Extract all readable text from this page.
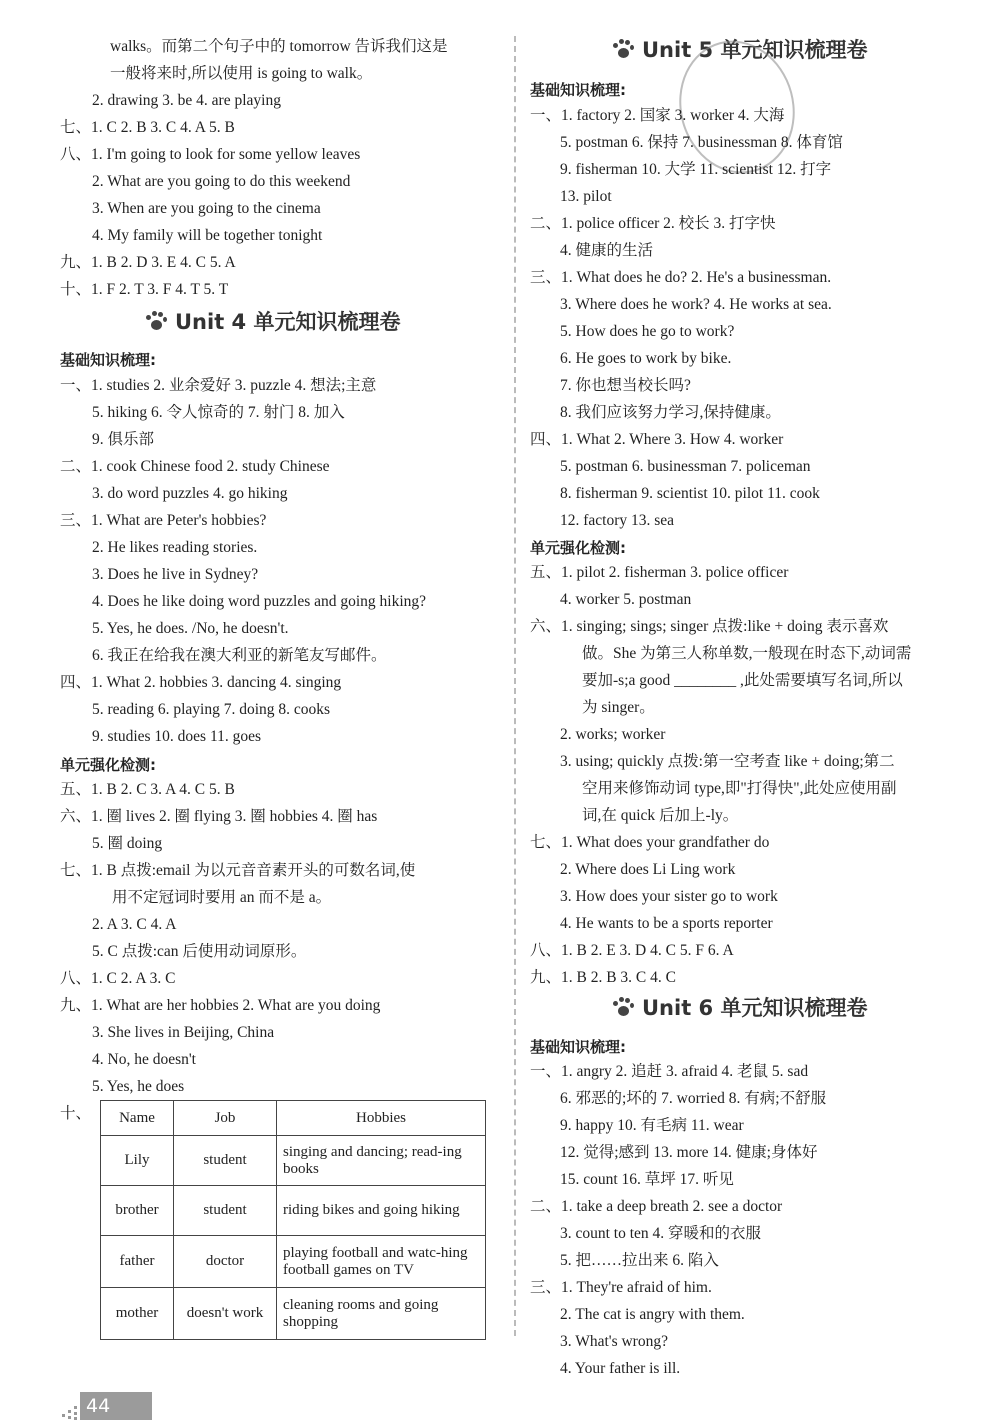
walks。而第二个句子中的 tomorrow 告诉我们这是
一般将来时,所以使用 is going to walk。
2. drawing 3. be 4. are playing
七、1. C 2. B 3. C 4. A 5. B
八、1. I'm going to look for some yellow leaves
2. What are you going to do this weekend
3. When are you going to the cinema
4. My family will be together tonight
九、1. B 2. D 3. E 4. C 5. A
十、1. F 2. T 3. F 4. T 5. T
Unit 4 单元知识梳理卷
基础知识梳理:
一、1. studies 2. 业余爱好 3. puzzle 4. 想法;主意
5. hiking 6. 令人惊奇的 7. 射门 8. 加入
9. 俱乐部
二、1. cook Chinese food 2. study Chinese
3. do word puzzles 4. go hiking
三、1. What are Peter's hobbies?
2. He likes reading stories.
3. Does he live in Sydney?
4. Does he like doing word puzzles and going hiking?
5. Yes, he does. /No, he doesn't.
6. 我正在给我在澳大利亚的新笔友写邮件。
四、1. What 2. hobbies 3. dancing 4. singing
5. reading 6. playing 7. doing 8. cooks
9. studies 10. does 11. goes
单元强化检测:
五、1. B 2. C 3. A 4. C 5. B
六、1. 圈 lives 2. 圈 flying 3. 圈 hobbies 4. 圈 has
5. 圈 doing
七、1. B 点拨:email 为以元音音素开头的可数名词,使
用不定冠词时要用 an 而不是 a。
2. A 3. C 4. A
5. C 点拨:can 后使用动词原形。
八、1. C 2. A 3. C
九、1. What are her hobbies 2. What are you doing
3. She lives in Beijing, China
4. No, he doesn't
5. Yes, he does
十、 Name	Job	Hobbies
Lily	student	singing and dancing; read-ing books
brother	student	riding bikes and going hiking
father	doctor	playing football and watc-hing football games on TV
mother	doesn't work	cleaning rooms and going shopping
44
Unit 5 单元知识梳理卷
基础知识梳理:
一、1. factory 2. 国家 3. worker 4. 大海
5. postman 6. 保持 7. businessman 8. 体育馆
9. fisherman 10. 大学 11. scientist 12. 打字
13. pilot
二、1. police officer 2. 校长 3. 打字快
4. 健康的生活
三、1. What does he do? 2. He's a businessman.
3. Where does he work? 4. He works at sea.
5. How does he go to work?
6. He goes to work by bike.
7. 你也想当校长吗?
8. 我们应该努力学习,保持健康。
四、1. What 2. Where 3. How 4. worker
5. postman 6. businessman 7. policeman
8. fisherman 9. scientist 10. pilot 11. cook
12. factory 13. sea
单元强化检测:
五、1. pilot 2. fisherman 3. police officer
4. worker 5. postman
六、1. singing; sings; singer 点拨:like + doing 表示喜欢
做。She 为第三人称单数,一般现在时态下,动词需
要加-s;a good ________ ,此处需要填写名词,所以
为 singer。
2. works; worker
3. using; quickly 点拨:第一空考查 like + doing;第二
空用来修饰动词 type,即"打得快",此处应使用副
词,在 quick 后加上-ly。
七、1. What does your grandfather do
2. Where does Li Ling work
3. How does your sister go to work
4. He wants to be a sports reporter
八、1. B 2. E 3. D 4. C 5. F 6. A
九、1. B 2. B 3. C 4. C
Unit 6 单元知识梳理卷
基础知识梳理:
一、1. angry 2. 追赶 3. afraid 4. 老鼠 5. sad
6. 邪恶的;坏的 7. worried 8. 有病;不舒服
9. happy 10. 有毛病 11. wear
12. 觉得;感到 13. more 14. 健康;身体好
15. count 16. 草坪 17. 听见
二、1. take a deep breath 2. see a doctor
3. count to ten 4. 穿暖和的衣服
5. 把……拉出来 6. 陷入
三、1. They're afraid of him.
2. The cat is angry with them.
3. What's wrong?
4. Your father is ill.
